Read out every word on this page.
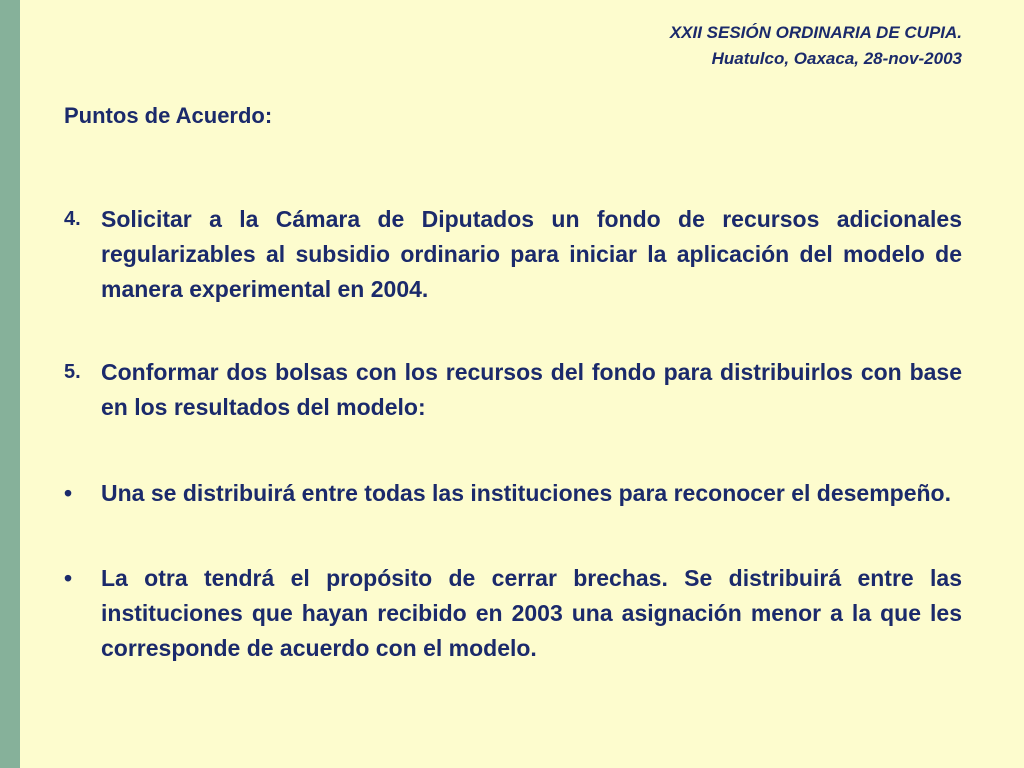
XXII SESIÓN ORDINARIA DE CUPIA.
Huatulco, Oaxaca, 28-nov-2003
Puntos de Acuerdo:
4. Solicitar a la Cámara de Diputados un fondo de recursos adicionales regularizables al subsidio ordinario para iniciar la aplicación del modelo de manera experimental en 2004.
5. Conformar dos bolsas con los recursos del fondo para distribuirlos con base en los resultados del modelo:
•	Una se distribuirá entre todas las instituciones para reconocer el desempeño.
•	La otra tendrá el propósito de cerrar brechas. Se distribuirá entre las instituciones que hayan recibido en 2003 una asignación menor a la que les corresponde de acuerdo con el modelo.
